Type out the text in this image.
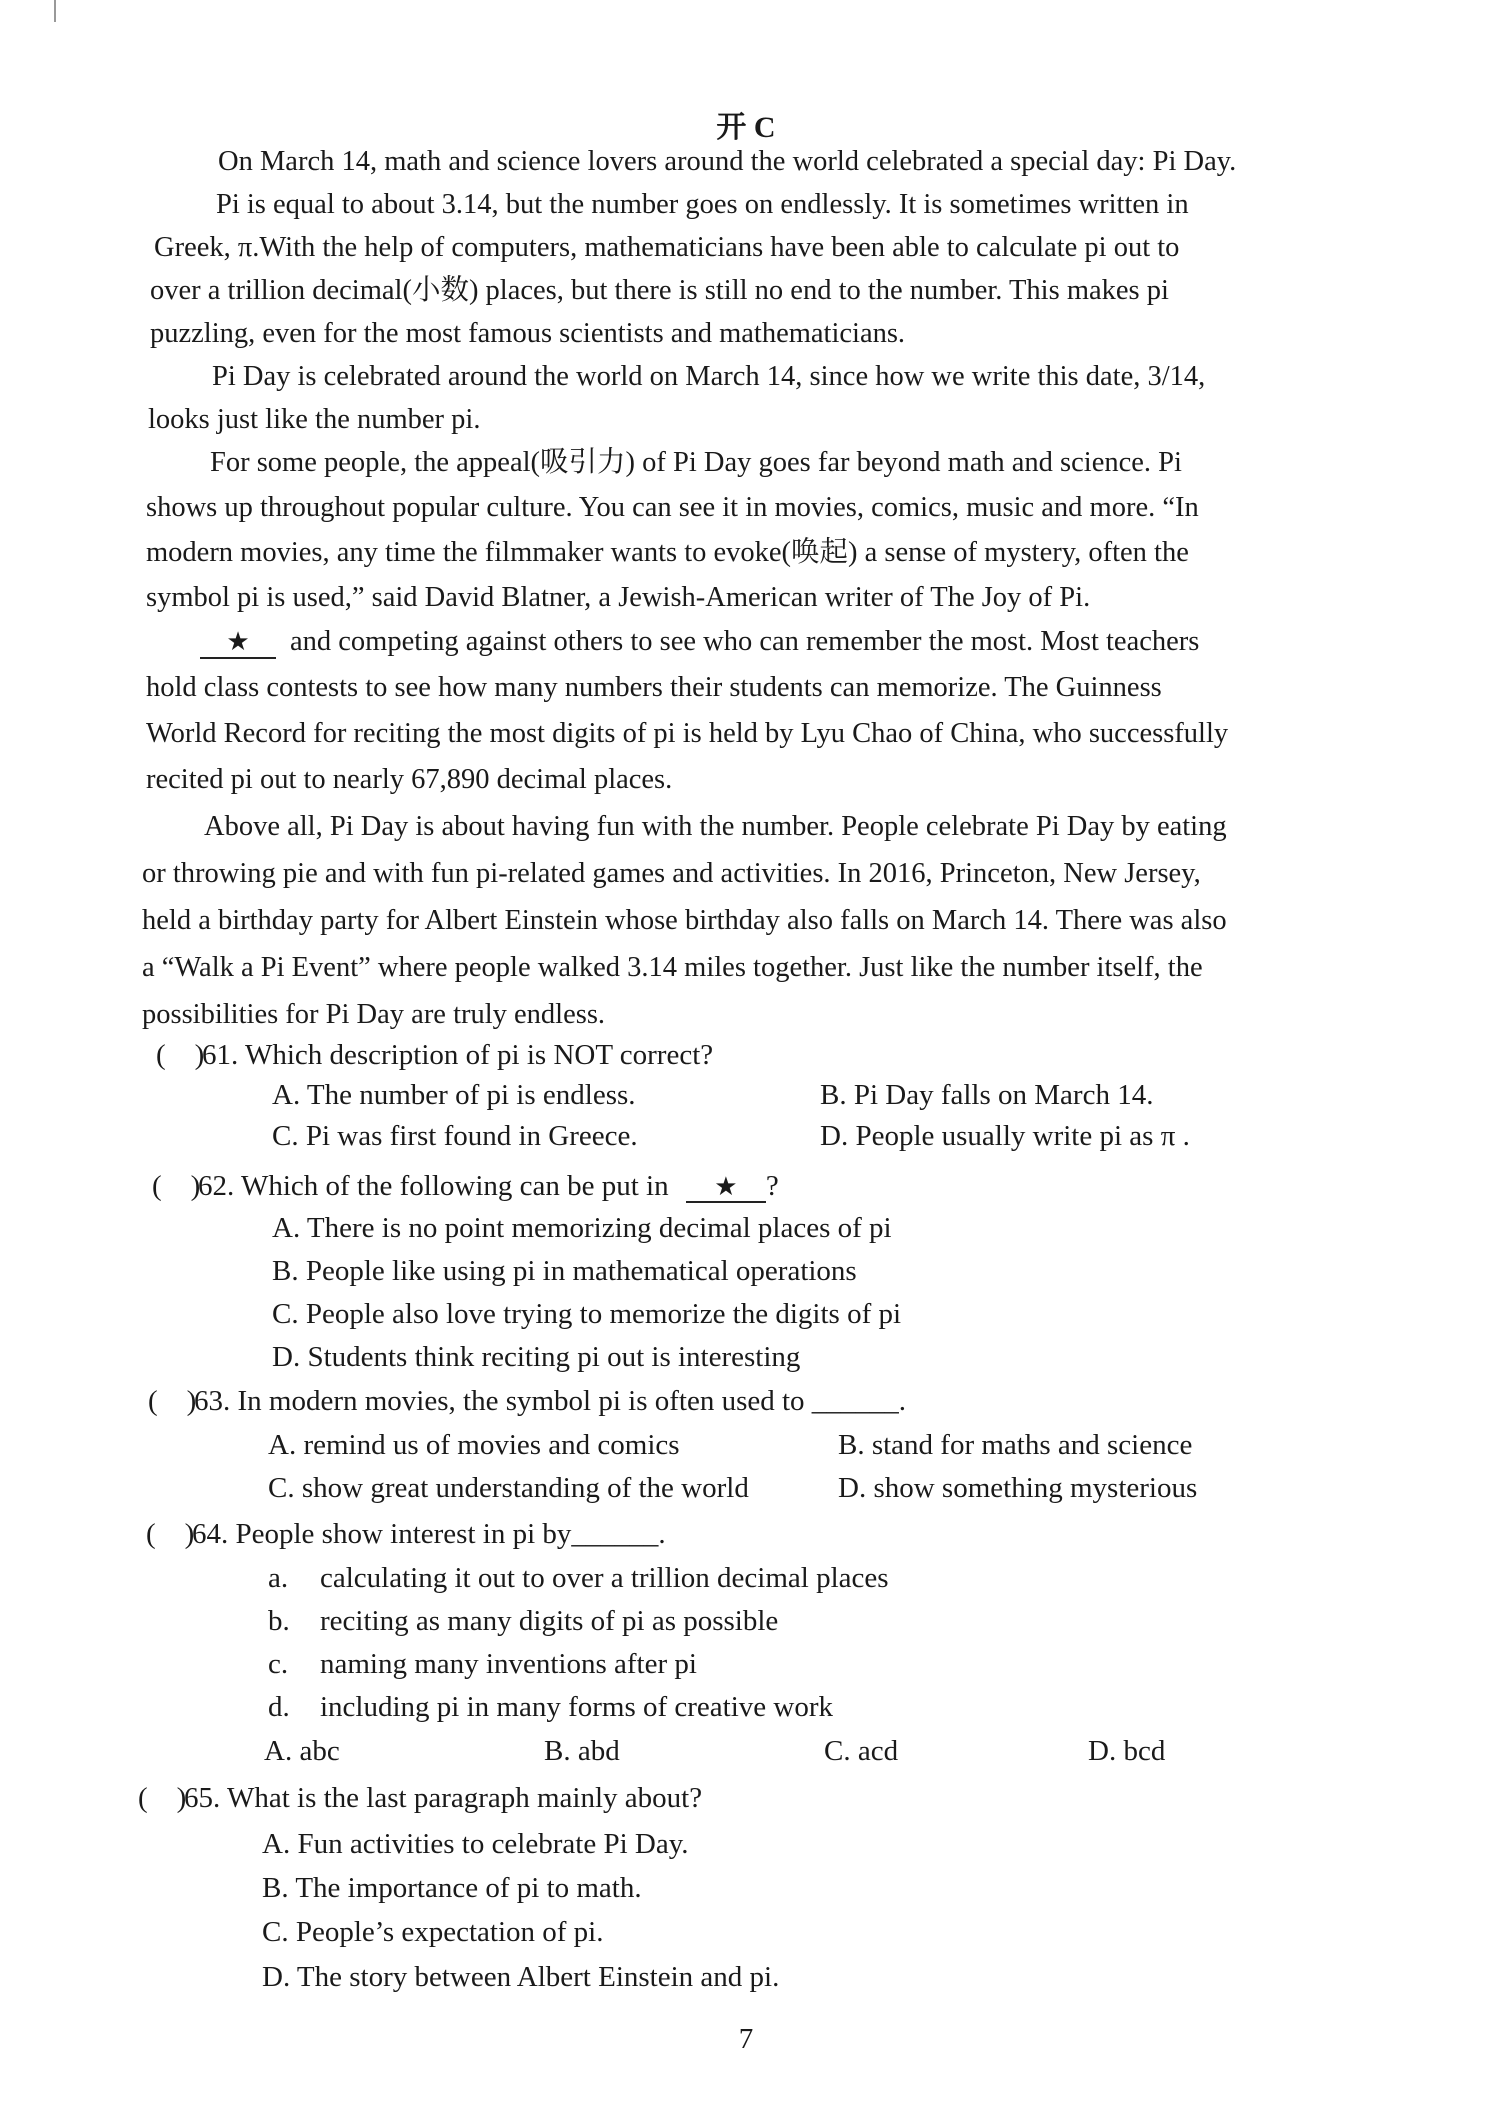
开 C
On March 14, math and science lovers around the world celebrated a special day: Pi Day.
Pi is equal to about 3.14, but the number goes on endlessly. It is sometimes written in
Greek, π.With the help of computers, mathematicians have been able to calculate pi out to
over a trillion decimal(小数) places, but there is still no end to the number. This makes pi
puzzling, even for the most famous scientists and mathematicians.
Pi Day is celebrated around the world on March 14, since how we write this date, 3/14,
looks just like the number pi.
For some people, the appeal(吸引力) of Pi Day goes far beyond math and science. Pi
shows up throughout popular culture. You can see it in movies, comics, music and more. “In
modern movies, any time the filmmaker wants to evoke(唤起) a sense of mystery, often the
symbol pi is used,” said David Blatner, a Jewish-American writer of The Joy of Pi.
★ and competing against others to see who can remember the most. Most teachers
hold class contests to see how many numbers their students can memorize. The Guinness
World Record for reciting the most digits of pi is held by Lyu Chao of China, who successfully
recited pi out to nearly 67,890 decimal places.
Above all, Pi Day is about having fun with the number. People celebrate Pi Day by eating
or throwing pie and with fun pi-related games and activities. In 2016, Princeton, New Jersey,
held a birthday party for Albert Einstein whose birthday also falls on March 14. There was also
a “Walk a Pi Event” where people walked 3.14 miles together. Just like the number itself, the
possibilities for Pi Day are truly endless.
( )61. Which description of pi is NOT correct?
A. The number of pi is endless.	B. Pi Day falls on March 14.
C. Pi was first found in Greece.	D. People usually write pi as π .
( )62. Which of the following can be put in ★ ?
A. There is no point memorizing decimal places of pi
B. People like using pi in mathematical operations
C. People also love trying to memorize the digits of pi
D. Students think reciting pi out is interesting
( )63. In modern movies, the symbol pi is often used to ______.
A. remind us of movies and comics	B. stand for maths and science
C. show great understanding of the world	D. show something mysterious
( )64. People show interest in pi by______.
a. calculating it out to over a trillion decimal places
b. reciting as many digits of pi as possible
c. naming many inventions after pi
d. including pi in many forms of creative work
A. abc	B. abd	C. acd	D. bcd
( )65. What is the last paragraph mainly about?
A. Fun activities to celebrate Pi Day.
B. The importance of pi to math.
C. People’s expectation of pi.
D. The story between Albert Einstein and pi.
7
